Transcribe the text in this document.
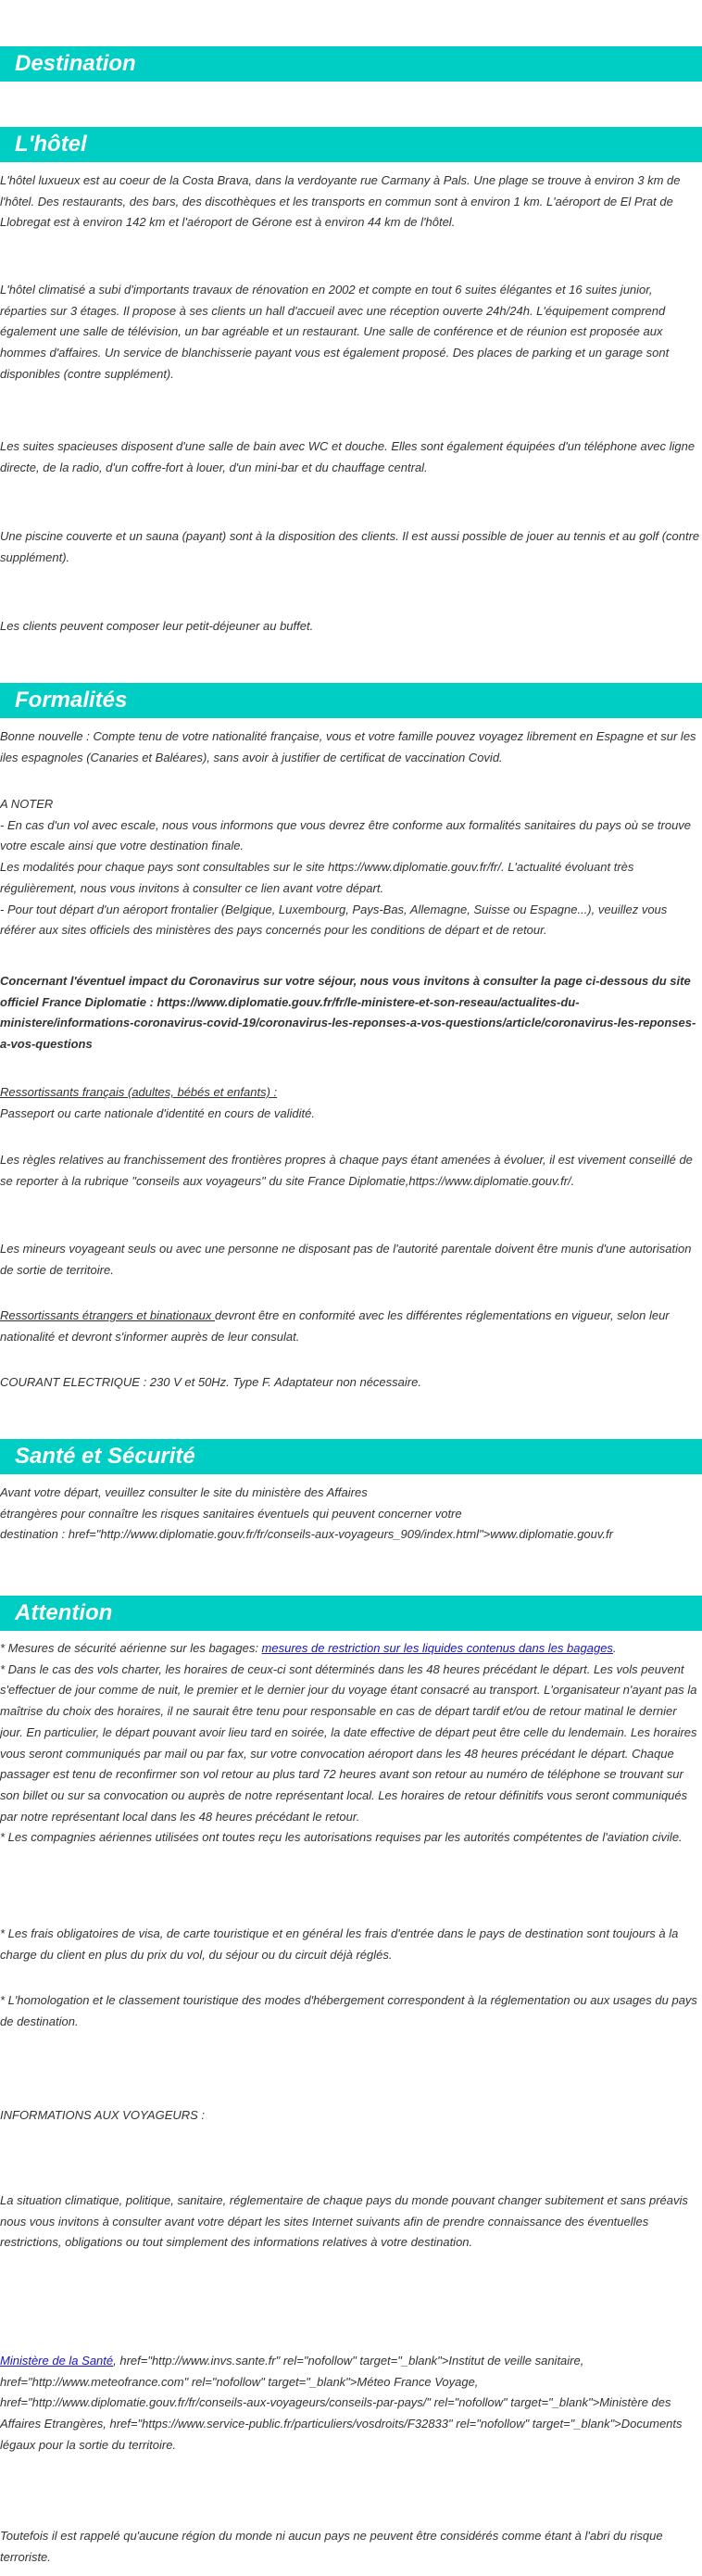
Destination
L'hôtel

L'hôtel luxueux est au coeur de la Costa Brava, dans la verdoyante rue Carmany à Pals. Une plage se trouve à environ 3 km de l'hôtel. Des restaurants, des bars, des discothèques et les transports en commun sont à environ 1 km. L'aéroport de El Prat de Llobregat est à environ 142 km et l'aéroport de Gérone est à environ 44 km de l'hôtel.

L'hôtel climatisé a subi d'importants travaux de rénovation en 2002 et compte en tout 6 suites élégantes et 16 suites junior, réparties sur 3 étages. Il propose à ses clients un hall d'accueil avec une réception ouverte 24h/24h. L'équipement comprend également une salle de télévision, un bar agréable et un restaurant. Une salle de conférence et de réunion est proposée aux hommes d'affaires. Un service de blanchisserie payant vous est également proposé. Des places de parking et un garage sont disponibles (contre supplément).

Les suites spacieuses disposent d'une salle de bain avec WC et douche. Elles sont également équipées d'un téléphone avec ligne directe, de la radio, d'un coffre-fort à louer, d'un mini-bar et du chauffage central.

Une piscine couverte et un sauna (payant) sont à la disposition des clients. Il est aussi possible de jouer au tennis et au golf (contre supplément).

Les clients peuvent composer leur petit-déjeuner au buffet.

Formalités

Bonne nouvelle : Compte tenu de votre nationalité française, vous et votre famille pouvez voyagez librement en Espagne et sur les iles espagnoles (Canaries et Baléares), sans avoir à justifier de certificat de vaccination Covid.

A NOTER
- En cas d'un vol avec escale, nous vous informons que vous devrez être conforme aux formalités sanitaires du pays où se trouve votre escale ainsi que votre destination finale.
Les modalités pour chaque pays sont consultables sur le site https://www.diplomatie.gouv.fr/fr/. L'actualité évoluant très régulièrement, nous vous invitons à consulter ce lien avant votre départ.
- Pour tout départ d'un aéroport frontalier (Belgique, Luxembourg, Pays-Bas, Allemagne, Suisse ou Espagne...), veuillez vous référer aux sites officiels des ministères des pays concernés pour les conditions de départ et de retour.

Concernant l'éventuel impact du Coronavirus sur votre séjour, nous vous invitons à consulter la page ci-dessous du site officiel France Diplomatie : https://www.diplomatie.gouv.fr/fr/le-ministere-et-son-reseau/actualites-du-ministere/informations-coronavirus-covid-19/coronavirus-les-reponses-a-vos-questions/article/coronavirus-les-reponses-a-vos-questions

Ressortissants français (adultes, bébés et enfants) :
Passeport ou carte nationale d'identité en cours de validité.

Les règles relatives au franchissement des frontières propres à chaque pays étant amenées à évoluer, il est vivement conseillé de se reporter à la rubrique "conseils aux voyageurs" du site France Diplomatie,https://www.diplomatie.gouv.fr/.

Les mineurs voyageant seuls ou avec une personne ne disposant pas de l'autorité parentale doivent être munis d'une autorisation de sortie de territoire.

Ressortissants étrangers et binationaux devront être en conformité avec les différentes réglementations en vigueur, selon leur nationalité et devront s'informer auprès de leur consulat.

COURANT ELECTRIQUE : 230 V et 50Hz. Type F. Adaptateur non nécessaire.

Santé et Sécurité
Avant votre départ, veuillez consulter le site du ministère des Affaires
étrangères pour connaître les risques sanitaires éventuels qui peuvent concerner votre
destination : href="http://www.diplomatie.gouv.fr/fr/conseils-aux-voyageurs_909/index.html">www.diplomatie.gouv.fr
Attention
* Mesures de sécurité aérienne sur les bagages: mesures de restriction sur les liquides contenus dans les bagages.
* Dans le cas des vols charter, les horaires de ceux-ci sont déterminés dans les 48 heures précédant le départ. Les vols peuvent s'effectuer de jour comme de nuit, le premier et le dernier jour du voyage étant consacré au transport. L'organisateur n'ayant pas la maîtrise du choix des horaires, il ne saurait être tenu pour responsable en cas de départ tardif et/ou de retour matinal le dernier jour. En particulier, le départ pouvant avoir lieu tard en soirée, la date effective de départ peut être celle du lendemain. Les horaires vous seront communiqués par mail ou par fax, sur votre convocation aéroport dans les 48 heures précédant le départ. Chaque passager est tenu de reconfirmer son vol retour au plus tard 72 heures avant son retour au numéro de téléphone se trouvant sur son billet ou sur sa convocation ou auprès de notre représentant local. Les horaires de retour définitifs vous seront communiqués par notre représentant local dans les 48 heures précédant le retour.
* Les compagnies aériennes utilisées ont toutes reçu les autorisations requises par les autorités compétentes de l'aviation civile.

* Les frais obligatoires de visa, de carte touristique et en général les frais d'entrée dans le pays de destination sont toujours à la charge du client en plus du prix du vol, du séjour ou du circuit déjà réglés.

* L'homologation et le classement touristique des modes d'hébergement correspondent à la réglementation ou aux usages du pays de destination.

INFORMATIONS AUX VOYAGEURS :

La situation climatique, politique, sanitaire, réglementaire de chaque pays du monde pouvant changer subitement et sans préavis
nous vous invitons à consulter avant votre départ les sites Internet suivants afin de prendre connaissance des éventuelles restrictions, obligations ou tout simplement des informations relatives à votre destination.

Ministère de la Santé, href="http://www.invs.sante.fr" rel="nofollow" target="_blank">Institut de veille sanitaire, href="http://www.meteofrance.com" rel="nofollow" target="_blank">Méteo France Voyage, href="http://www.diplomatie.gouv.fr/fr/conseils-aux-voyageurs/conseils-par-pays/" rel="nofollow" target="_blank">Ministère des Affaires Etrangères, href="https://www.service-public.fr/particuliers/vosdroits/F32833" rel="nofollow" target="_blank">Documents légaux pour la sortie du territoire.

Toutefois il est rappelé qu'aucune région du monde ni aucun pays ne peuvent être considérés comme étant à l'abri du risque terroriste.
